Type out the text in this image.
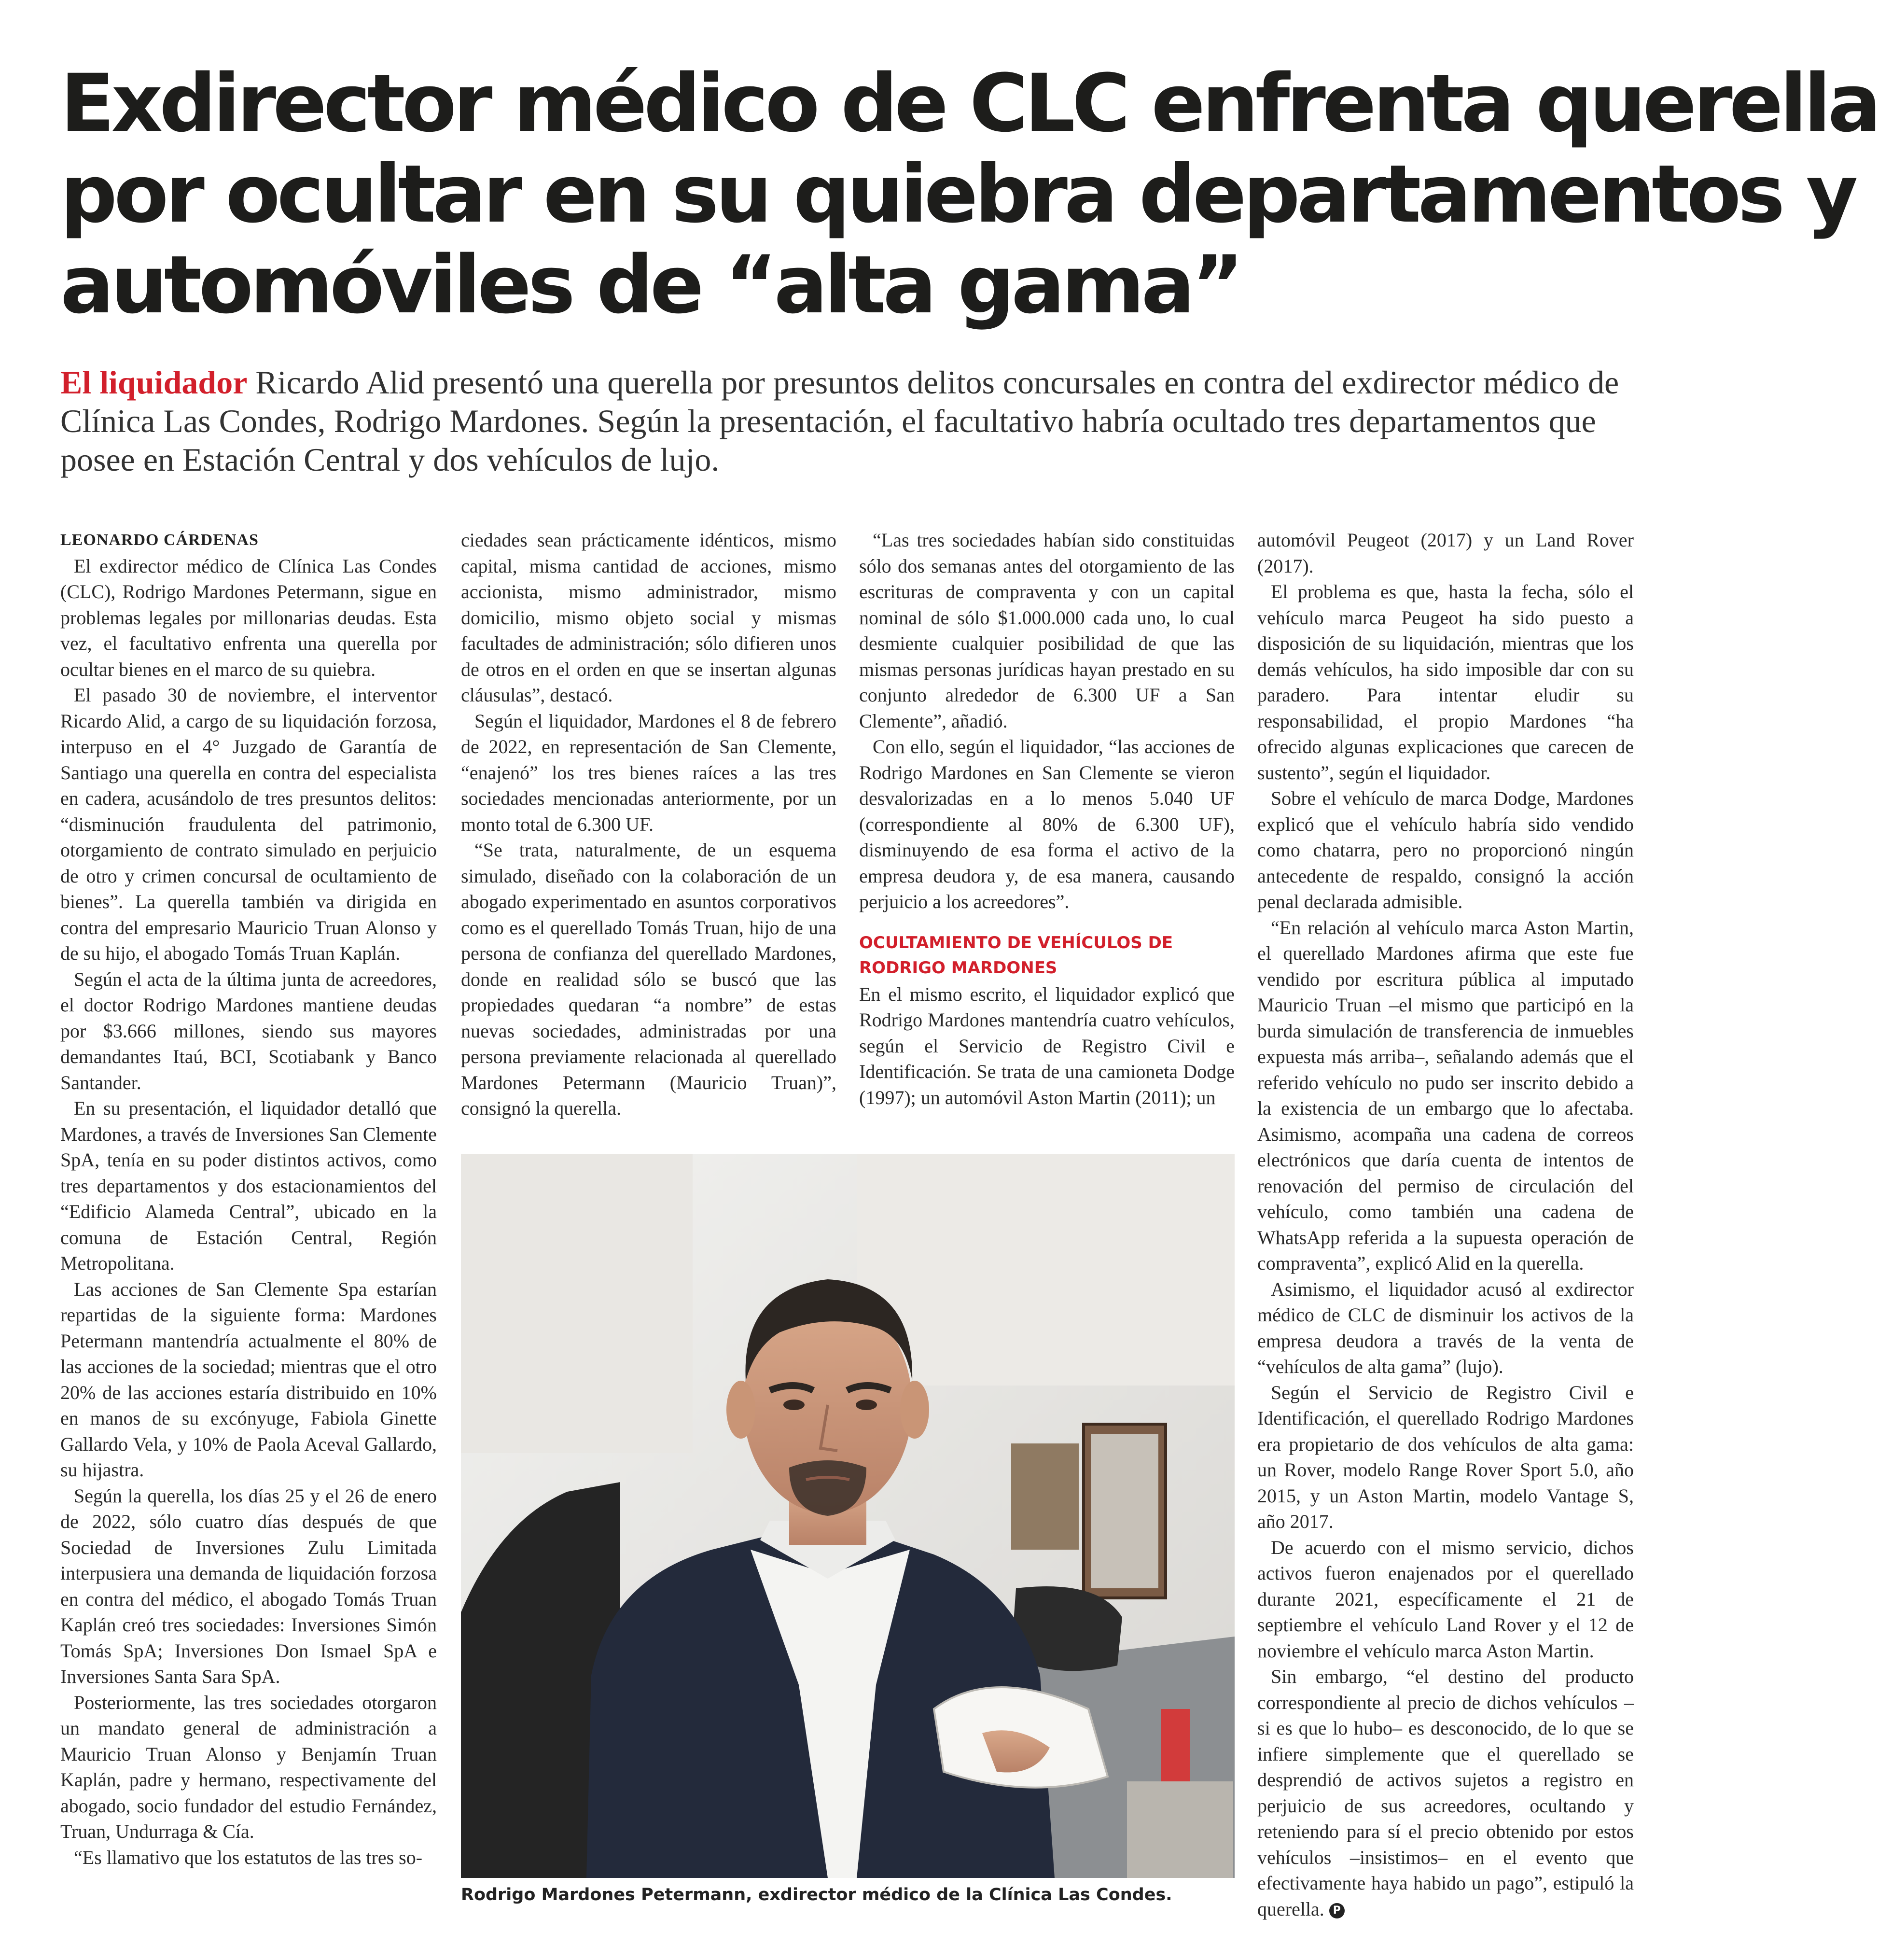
Exdirector médico de CLC enfrenta querella
por ocultar en su quiebra departamentos y
automóviles de “alta gama”
El liquidador Ricardo Alid presentó una querella por presuntos delitos concursales en contra del exdirector médico de Clínica Las Condes, Rodrigo Mardones. Según la presentación, el facultativo habría ocultado tres departamentos que posee en Estación Central y dos vehículos de lujo.

LEONARDO CÁRDENAS

El exdirector médico de Clínica Las Condes (CLC), Rodrigo Mardones Petermann, sigue en problemas legales por millonarias deudas. Esta vez, el facultativo enfrenta una querella por ocultar bienes en el marco de su quiebra.

El pasado 30 de noviembre, el interventor Ricardo Alid, a cargo de su liquidación forzosa, interpuso en el 4° Juzgado de Garantía de Santiago una querella en contra del especialista en cadera, acusándolo de tres presuntos delitos: “disminución fraudulenta del patrimonio, otorgamiento de contrato simulado en perjuicio de otro y crimen concursal de ocultamiento de bienes”. La querella también va dirigida en contra del empresario Mauricio Truan Alonso y de su hijo, el abogado Tomás Truan Kaplán.

Según el acta de la última junta de acreedores, el doctor Rodrigo Mardones mantiene deudas por $3.666 millones, siendo sus mayores demandantes Itaú, BCI, Scotiabank y Banco Santander.

En su presentación, el liquidador detalló que Mardones, a través de Inversiones San Clemente SpA, tenía en su poder distintos activos, como tres departamentos y dos estacionamientos del “Edificio Alameda Central”, ubicado en la comuna de Estación Central, Región Metropolitana.

Las acciones de San Clemente Spa estarían repartidas de la siguiente forma: Mardones Petermann mantendría actualmente el 80% de las acciones de la sociedad; mientras que el otro 20% de las acciones estaría distribuido en 10% en manos de su excónyuge, Fabiola Ginette Gallardo Vela, y 10% de Paola Aceval Gallardo, su hijastra.

Según la querella, los días 25 y el 26 de enero de 2022, sólo cuatro días después de que Sociedad de Inversiones Zulu Limitada interpusiera una demanda de liquidación forzosa en contra del médico, el abogado Tomás Truan Kaplán creó tres sociedades: Inversiones Simón Tomás SpA; Inversiones Don Ismael SpA e Inversiones Santa Sara SpA.

Posteriormente, las tres sociedades otorgaron un mandato general de administración a Mauricio Truan Alonso y Benjamín Truan Kaplán, padre y hermano, respectivamente del abogado, socio fundador del estudio Fernández, Truan, Undurraga & Cía.

“Es llamativo que los estatutos de las tres so-

ciedades sean prácticamente idénticos, mismo capital, misma cantidad de acciones, mismo accionista, mismo administrador, mismo domicilio, mismo objeto social y mismas facultades de administración; sólo difieren unos de otros en el orden en que se insertan algunas cláusulas”, destacó.

Según el liquidador, Mardones el 8 de febrero de 2022, en representación de San Clemente, “enajenó” los tres bienes raíces a las tres sociedades mencionadas anteriormente, por un monto total de 6.300 UF.

“Se trata, naturalmente, de un esquema simulado, diseñado con la colaboración de un abogado experimentado en asuntos corporativos como es el querellado Tomás Truan, hijo de una persona de confianza del querellado Mardones, donde en realidad sólo se buscó que las propiedades quedaran “a nombre” de estas nuevas sociedades, administradas por una persona previamente relacionada al querellado Mardones Petermann (Mauricio Truan)”, consignó la querella.

“Las tres sociedades habían sido constituidas sólo dos semanas antes del otorgamiento de las escrituras de compraventa y con un capital nominal de sólo $1.000.000 cada uno, lo cual desmiente cualquier posibilidad de que las mismas personas jurídicas hayan prestado en su conjunto alrededor de 6.300 UF a San Clemente”, añadió.

Con ello, según el liquidador, “las acciones de Rodrigo Mardones en San Clemente se vieron desvalorizadas en a lo menos 5.040 UF (correspondiente al 80% de 6.300 UF), disminuyendo de esa forma el activo de la empresa deudora y, de esa manera, causando perjuicio a los acreedores”.

OCULTAMIENTO DE VEHÍCULOS DE RODRIGO MARDONES

En el mismo escrito, el liquidador explicó que Rodrigo Mardones mantendría cuatro vehículos, según el Servicio de Registro Civil e Identificación. Se trata de una camioneta Dodge (1997); un automóvil Aston Martin (2011); un

automóvil Peugeot (2017) y un Land Rover (2017).

El problema es que, hasta la fecha, sólo el vehículo marca Peugeot ha sido puesto a disposición de su liquidación, mientras que los demás vehículos, ha sido imposible dar con su paradero. Para intentar eludir su responsabilidad, el propio Mardones “ha ofrecido algunas explicaciones que carecen de sustento”, según el liquidador.

Sobre el vehículo de marca Dodge, Mardones explicó que el vehículo habría sido vendido como chatarra, pero no proporcionó ningún antecedente de respaldo, consignó la acción penal declarada admisible.

“En relación al vehículo marca Aston Martin, el querellado Mardones afirma que este fue vendido por escritura pública al imputado Mauricio Truan –el mismo que participó en la burda simulación de transferencia de inmuebles expuesta más arriba–, señalando además que el referido vehículo no pudo ser inscrito debido a la existencia de un embargo que lo afectaba. Asimismo, acompaña una cadena de correos electrónicos que daría cuenta de intentos de renovación del permiso de circulación del vehículo, como también una cadena de WhatsApp referida a la supuesta operación de compraventa”, explicó Alid en la querella.

Asimismo, el liquidador acusó al exdirector médico de CLC de disminuir los activos de la empresa deudora a través de la venta de “vehículos de alta gama” (lujo).

Según el Servicio de Registro Civil e Identificación, el querellado Rodrigo Mardones era propietario de dos vehículos de alta gama: un Rover, modelo Range Rover Sport 5.0, año 2015, y un Aston Martin, modelo Vantage S, año 2017.

De acuerdo con el mismo servicio, dichos activos fueron enajenados por el querellado durante 2021, específicamente el 21 de septiembre el vehículo Land Rover y el 12 de noviembre el vehículo marca Aston Martin.

Sin embargo, “el destino del producto correspondiente al precio de dichos vehículos –si es que lo hubo– es desconocido, de lo que se infiere simplemente que el querellado se desprendió de activos sujetos a registro en perjuicio de sus acreedores, ocultando y reteniendo para sí el precio obtenido por estos vehículos –insistimos– en el evento que efectivamente haya habido un pago”, estipuló la querella. P

Rodrigo Mardones Petermann, exdirector médico de la Clínica Las Condes.
